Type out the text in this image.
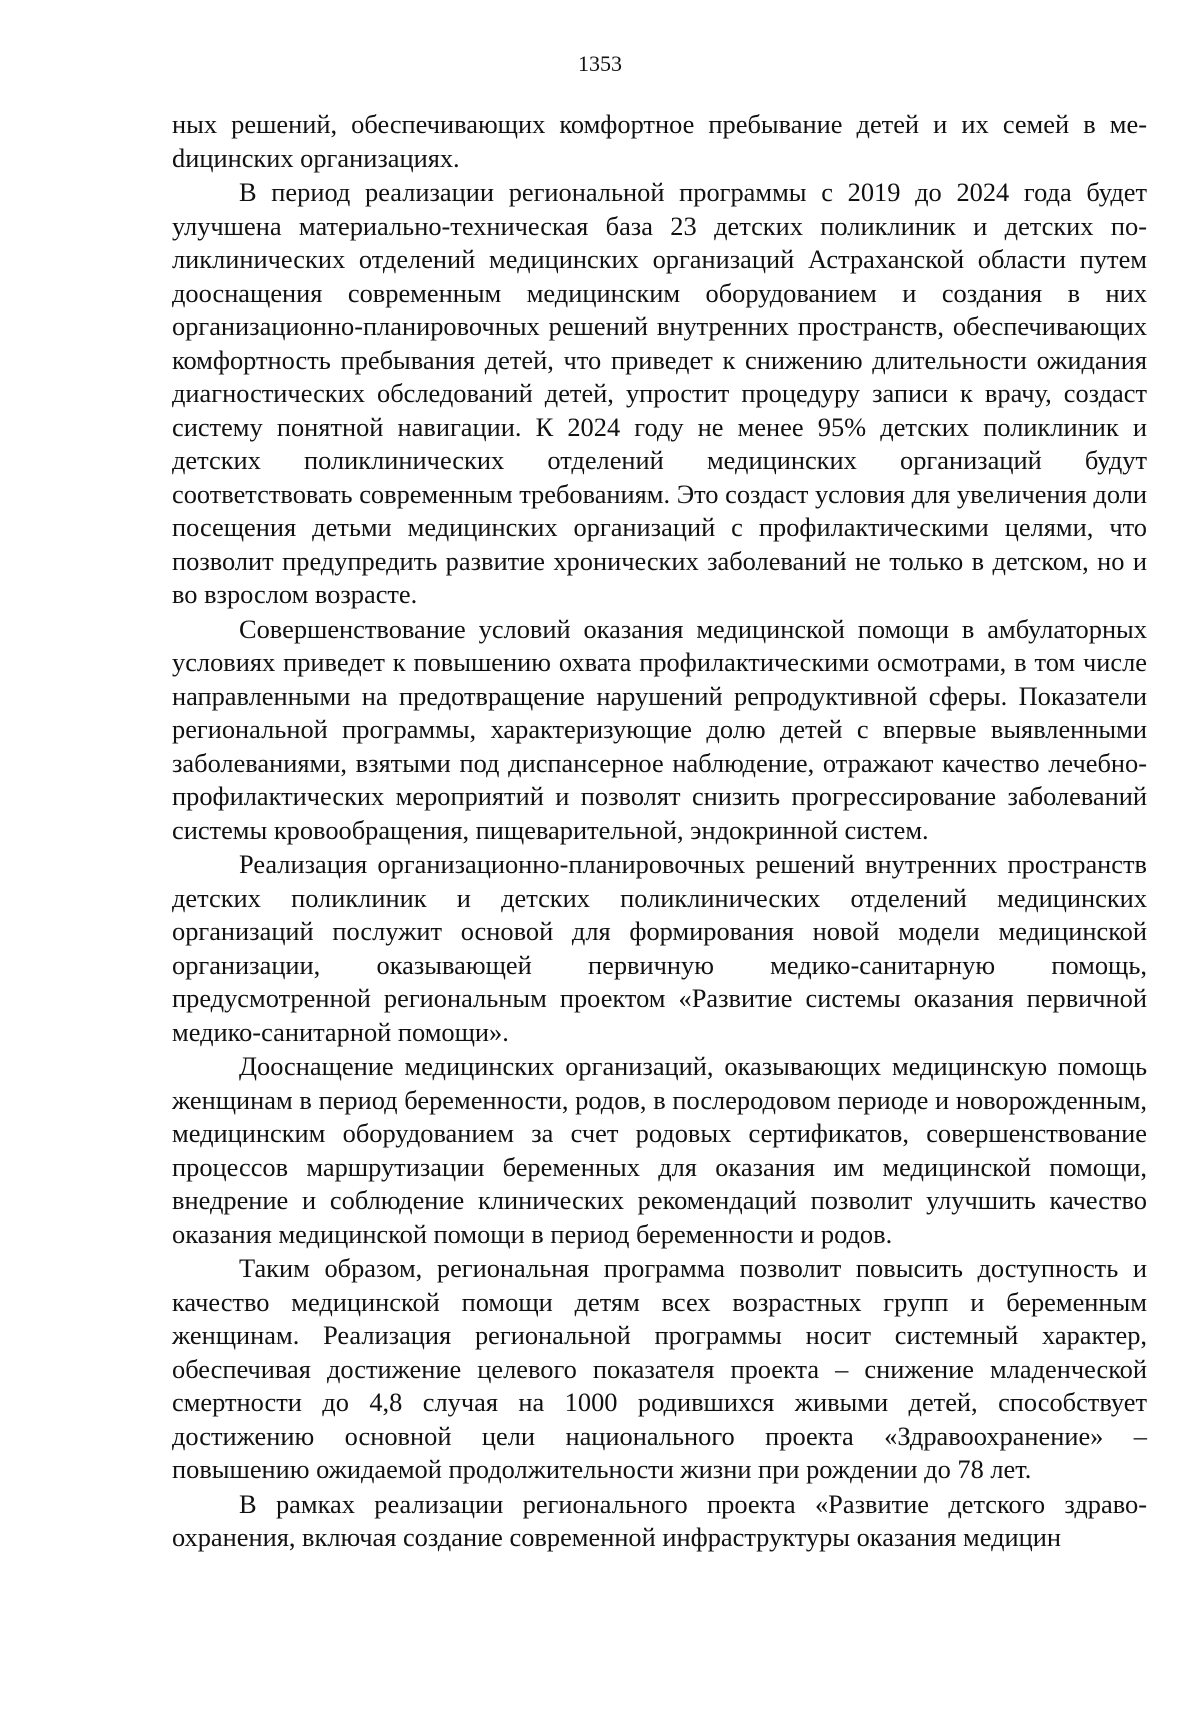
1353

ных решений, обеспечивающих комфортное пребывание детей и их семей в меdицинских организациях.

В период реализации региональной программы с 2019 до 2024 года будет улучшена материально-техническая база 23 детских поликлиник и детских поликлинических отделений медицинских организаций Астраханской области путем дооснащения современным медицинским оборудованием и создания в них организационно-планировочных решений внутренних пространств, обеспечивающих комфортность пребывания детей, что приведет к снижению длительности ожидания диагностических обследований детей, упростит процедуру записи к врачу, создаст систему понятной навигации. К 2024 году не менее 95% детских поликлиник и детских поликлинических отделений медицинских организаций будут соответствовать современным требованиям. Это создаст условия для увеличения доли посещения детьми медицинских организаций с профилактическими целями, что позволит предупредить развитие хронических заболеваний не только в детском, но и во взрослом возрасте.

Совершенствование условий оказания медицинской помощи в амбулаторных условиях приведет к повышению охвата профилактическими осмотрами, в том числе направленными на предотвращение нарушений репродуктивной сферы. Показатели региональной программы, характеризующие долю детей с впервые выявленными заболеваниями, взятыми под диспансерное наблюдение, отражают качество лечебно-профилактических мероприятий и позволят снизить прогрессирование заболеваний системы кровообращения, пищеварительной, эндокринной систем.

Реализация организационно-планировочных решений внутренних пространств детских поликлиник и детских поликлинических отделений медицинских организаций послужит основой для формирования новой модели медицинской организации, оказывающей первичную медико-санитарную помощь, предусмотренной региональным проектом «Развитие системы оказания первичной медико-санитарной помощи».

Дооснащение медицинских организаций, оказывающих медицинскую помощь женщинам в период беременности, родов, в послеродовом периоде и новорожденным, медицинским оборудованием за счет родовых сертификатов, совершенствование процессов маршрутизации беременных для оказания им медицинской помощи, внедрение и соблюдение клинических рекомендаций позволит улучшить качество оказания медицинской помощи в период беременности и родов.

Таким образом, региональная программа позволит повысить доступность и качество медицинской помощи детям всех возрастных групп и беременным женщинам. Реализация региональной программы носит системный характер, обеспечивая достижение целевого показателя проекта – снижение младенческой смертности до 4,8 случая на 1000 родившихся живыми детей, способствует достижению основной цели национального проекта «Здравоохранение» – повышению ожидаемой продолжительности жизни при рождении до 78 лет.

В рамках реализации регионального проекта «Развитие детского здравоохранения, включая создание современной инфраструктуры оказания медицин
